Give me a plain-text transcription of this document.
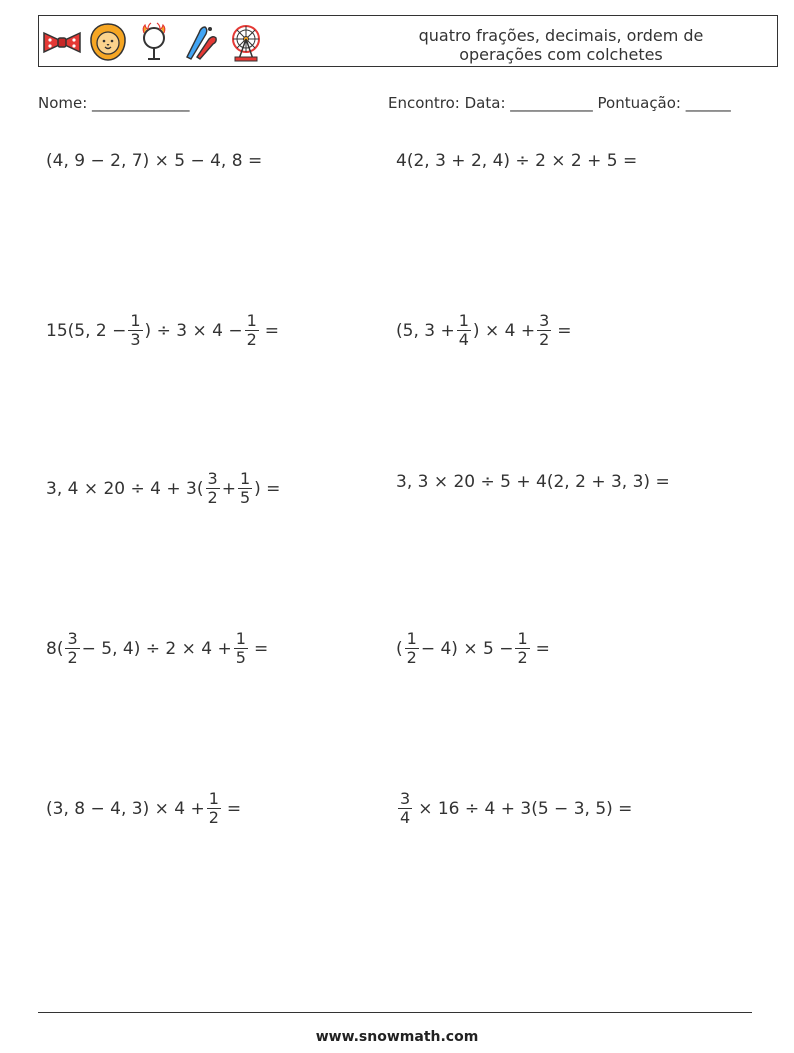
quatro frações, decimais, ordem de
operações com colchetes
Nome: _____________	Encontro: Data: ___________ Pontuação: ______
(4, 9 − 2, 7) × 5 − 4, 8 =	4(2, 3 + 2, 4) ÷ 2 × 2 + 5 =
15(5, $2 - \frac{1}{3}$ ) ÷ $3 \times 4 - \frac{1}{2}$ =	(5, $3 + \frac{1}{4}$ ) × $4 + \frac{3}{2}$ =
3, $4 \times 20 \div 4 + 3( \frac{3}{2} + \frac{1}{5}$ ) =	3, 3 × 20 ÷ 5 + 4(2, 2 + 3, 3) =
$8( \frac{3}{2} - 5$, $4) \div 2 \times 4 + \frac{1}{5}$ =	( $\frac{1}{2} - 4) \times 5 - \frac{1}{2}$ =
(3, 8 − 4, $3) \times 4 + \frac{1}{2}$ =	$\frac{3}{4} \times 16 \div 4 + 3(5 - 3$, 5) =
www.snowmath.com
